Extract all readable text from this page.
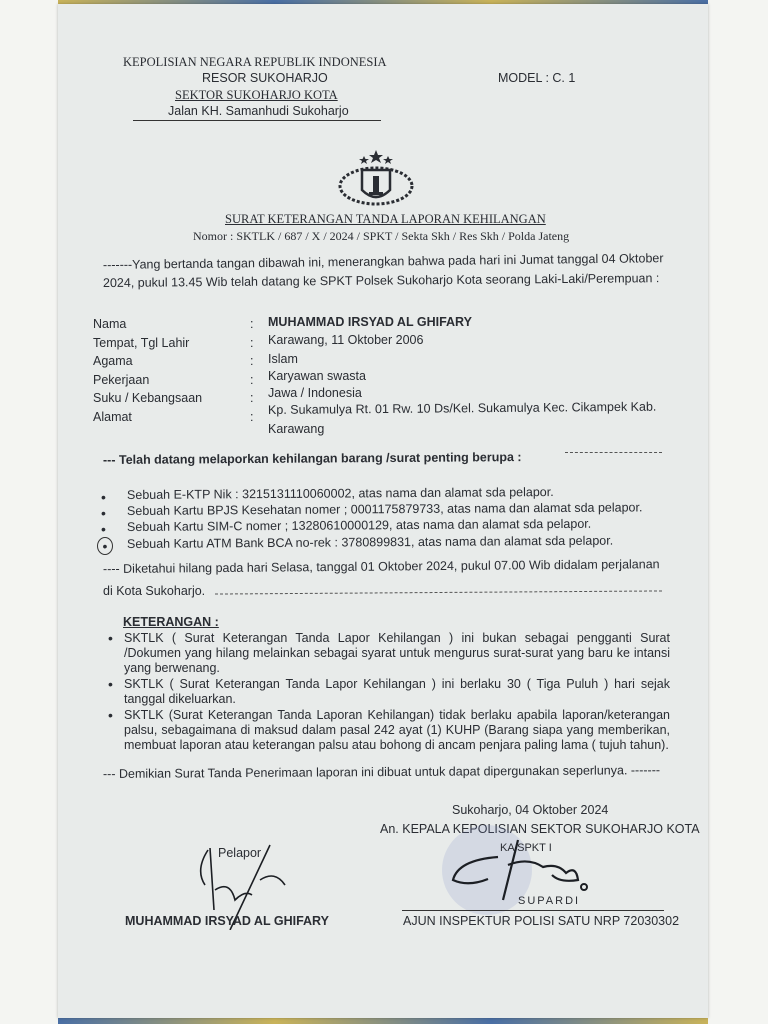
KEPOLISIAN NEGARA REPUBLIK INDONESIA
RESOR SUKOHARJO
SEKTOR SUKOHARJO KOTA
Jalan KH. Samanhudi Sukoharjo
MODEL : C. 1
SURAT KETERANGAN TANDA LAPORAN KEHILANGAN
Nomor : SKTLK / 687 / X / 2024 / SPKT / Sekta Skh / Res Skh / Polda Jateng
-------Yang bertanda tangan dibawah ini, menerangkan bahwa pada hari ini Jumat tanggal 04 Oktober
2024, pukul 13.45 Wib telah datang ke SPKT Polsek Sukoharjo Kota seorang Laki-Laki/Perempuan :
Nama	: MUHAMMAD IRSYAD AL GHIFARY
Tempat, Tgl Lahir	: Karawang, 11 Oktober 2006
Agama	: Islam
Pekerjaan	: Karyawan swasta
Suku / Kebangsaan	: Jawa / Indonesia
Alamat	:
Kp. Sukamulya Rt. 01 Rw. 10 Ds/Kel. Sukamulya Kec. Cikampek Kab.
Karawang
--- Telah datang melaporkan kehilangan barang /surat penting berupa :
• Sebuah E-KTP Nik : 3215131110060002, atas nama dan alamat sda pelapor.
• Sebuah Kartu BPJS Kesehatan nomer ; 0001175879733, atas nama dan alamat sda pelapor.
• Sebuah Kartu SIM-C nomer ; 13280610000129, atas nama dan alamat sda pelapor.
•	Sebuah Kartu ATM Bank BCA no-rek : 3780899831, atas nama dan alamat sda pelapor.
---- Diketahui hilang pada hari Selasa, tanggal 01 Oktober 2024, pukul 07.00 Wib didalam perjalanan
di Kota Sukoharjo.
KETERANGAN :
• SKTLK ( Surat Keterangan Tanda Lapor Kehilangan ) ini bukan sebagai pengganti Surat /Dokumen yang hilang melainkan sebagai syarat untuk mengurus surat-surat yang baru ke intansi yang berwenang.
• SKTLK ( Surat Keterangan Tanda Lapor Kehilangan ) ini berlaku 30 ( Tiga Puluh ) hari sejak tanggal dikeluarkan.
• SKTLK (Surat Keterangan Tanda Laporan Kehilangan) tidak berlaku apabila laporan/keterangan palsu, sebagaimana di maksud dalam pasal 242 ayat (1) KUHP (Barang siapa yang memberikan, membuat laporan atau keterangan palsu atau bohong di ancam penjara paling lama ( tujuh tahun).
--- Demikian Surat Tanda Penerimaan laporan ini dibuat untuk dapat dipergunakan seperlunya. -------
Sukoharjo, 04 Oktober 2024
An. KEPALA KEPOLISIAN SEKTOR SUKOHARJO KOTA
KA SPKT I
SUPARDI
AJUN INSPEKTUR POLISI SATU NRP 72030302
Pelapor
MUHAMMAD IRSYAD AL GHIFARY
